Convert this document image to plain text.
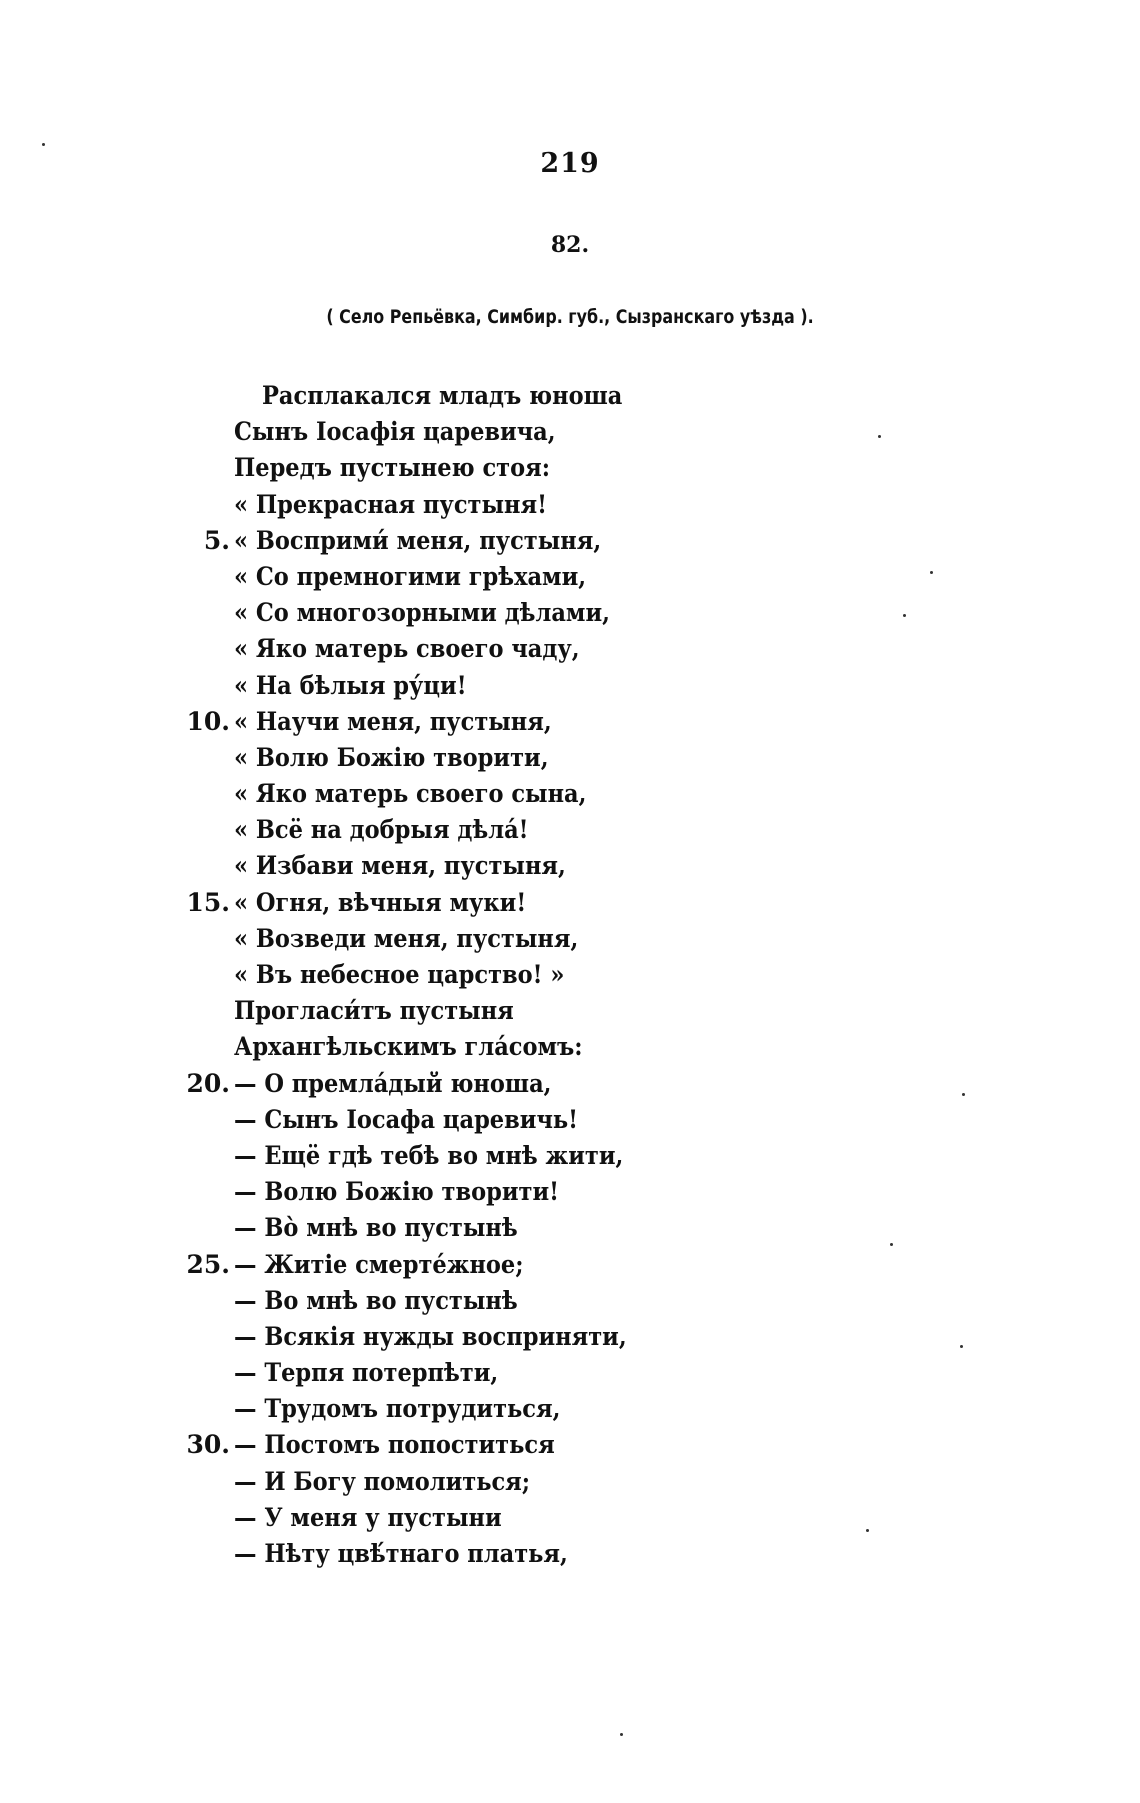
219
82.
( Село Репьёвка, Симбир. губ., Сызранскаго уѣзда ).
Расплакался младъ юноша
Сынъ Іосафія царевича,
Передъ пустынею стоя:
« Прекрасная пустыня!
5. « Восприми́ меня, пустыня,
« Со премногими грѣхами,
« Со многозорными дѣлами,
« Яко матерь своего чаду,
« На бѣлыя ру́ци!
10. « Научи меня, пустыня,
« Волю Божію творити,
« Яко матерь своего сына,
« Всё на добрыя дѣла́!
« Избави меня, пустыня,
15. « Огня, вѣчныя муки!
« Возведи меня, пустыня,
« Въ небесное царство! »
Прогласи́тъ пустыня
Архангѣльскимъ гла́сомъ:
20. — О премла́дый юноша,
— Сынъ Іосафа царевичь!
— Ещё гдѣ тебѣ во мнѣ жити,
— Волю Божію творити!
— Во̀ мнѣ во пустынѣ
25. — Житіе смерте́жное;
— Во мнѣ во пустынѣ
— Всякія нужды восприняти,
— Терпя потерпѣти,
— Трудомъ потрудиться,
30. — Постомъ попоститься
— И Богу помолиться;
— У меня у пустыни
— Нѣту цвѣ́тнаго платья,
